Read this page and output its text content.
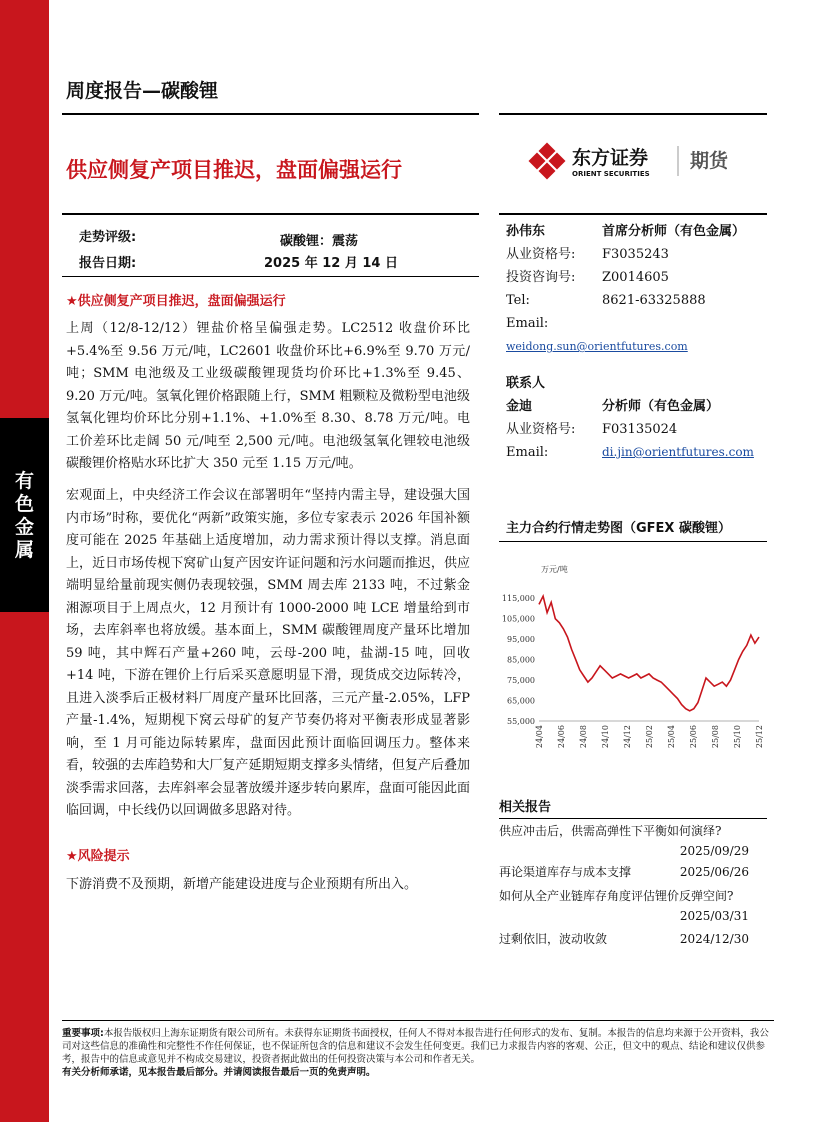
有
色
金
属
周度报告—碳酸锂
供应侧复产项目推迟，盘面偏强运行	东方证券
ORIENT SECURITIES
期货
走势评级:	碳酸锂：震荡
报告日期:	2025 年 12 月 14 日
★供应侧复产项目推迟，盘面偏强运行

上周（12/8-12/12）锂盐价格呈偏强走势。LC2512 收盘价环比+5.4%至 9.56 万元/吨，LC2601 收盘价环比+6.9%至 9.70 万元/吨；SMM 电池级及工业级碳酸锂现货均价环比+1.3%至 9.45、9.20 万元/吨。氢氧化锂价格跟随上行，SMM 粗颗粒及微粉型电池级氢氧化锂均价环比分别+1.1%、+1.0%至 8.30、8.78 万元/吨。电工价差环比走阔 50 元/吨至 2,500 元/吨。电池级氢氧化锂较电池级碳酸锂价格贴水环比扩大 350 元至 1.15 万元/吨。

宏观面上，中央经济工作会议在部署明年“坚持内需主导，建设强大国内市场”时称，要优化“两新”政策实施，多位专家表示 2026 年国补额度可能在 2025 年基础上适度增加，动力需求预计得以支撑。消息面上，近日市场传枧下窝矿山复产因安许证问题和污水问题而推迟，供应端明显给量前现实侧仍表现较强，SMM 周去库 2133 吨，不过紫金湘源项目于上周点火，12 月预计有 1000-2000 吨 LCE 增量给到市场，去库斜率也将放缓。基本面上，SMM 碳酸锂周度产量环比增加 59 吨，其中辉石产量+260 吨，云母-200 吨，盐湖-15 吨，回收+14 吨，下游在锂价上行后采买意愿明显下滑，现货成交边际转冷，且进入淡季后正极材料厂周度产量环比回落，三元产量-2.05%，LFP 产量-1.4%，短期枧下窝云母矿的复产节奏仍将对平衡表形成显著影响，至 1 月可能边际转累库，盘面因此预计面临回调压力。整体来看，较强的去库趋势和大厂复产延期短期支撑多头情绪，但复产后叠加淡季需求回落，去库斜率会显著放缓并逐步转向累库，盘面可能因此面临回调，中长线仍以回调做多思路对待。

★风险提示

下游消费不及预期，新增产能建设进度与企业预期有所出入。

孙伟东	首席分析师（有色金属）
从业资格号: F3035243
投资咨询号: Z0014605
Tel:	8621-63325888
Email:weidong.sun@orientfutures.com
联系人
金迪	分析师（有色金属）
从业资格号: F03135024
Email:	di.jin@orientfutures.com
主力合约行情走势图（GFEX 碳酸锂）
万元/吨
55,000
65,000
75,000
85,000
95,000
105,000
115,000
24/04 24/06 24/08 24/10 24/12 25/02 25/04 25/06 25/08 25/10 25/12
相关报告
供应冲击后，供需高弹性下平衡如何演绎?
2025/09/29
再论渠道库存与成本支撑	2025/06/26
如何从全产业链库存角度评估锂价反弹空间?
2025/03/31
过剩依旧，波动收敛	2024/12/30

重要事项:本报告版权归上海东证期货有限公司所有。未获得东证期货书面授权，任何人不得对本报告进行任何形式的发布、复制。本报告的信息均来源于公开资料，我公司对这些信息的准确性和完整性不作任何保证，也不保证所包含的信息和建议不会发生任何变更。我们已力求报告内容的客观、公正，但文中的观点、结论和建议仅供参考，报告中的信息或意见并不构成交易建议，投资者据此做出的任何投资决策与本公司和作者无关。

有关分析师承诺，见本报告最后部分。并请阅读报告最后一页的免责声明。
